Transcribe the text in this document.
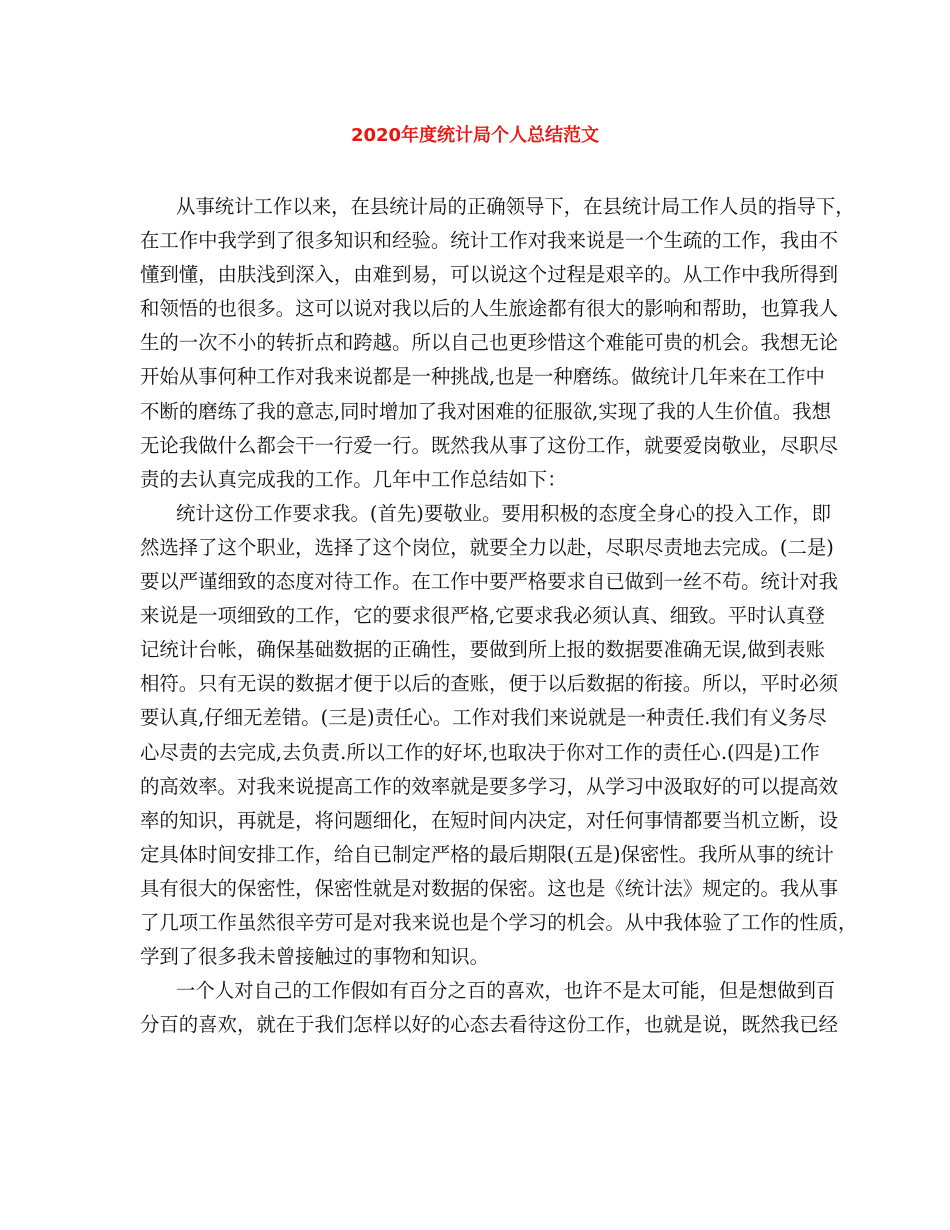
2020年度统计局个人总结范文
从事统计工作以来，在县统计局的正确领导下，在县统计局工作人员的指导下，
在工作中我学到了很多知识和经验。统计工作对我来说是一个生疏的工作，我由不
懂到懂，由肤浅到深入，由难到易，可以说这个过程是艰辛的。从工作中我所得到
和领悟的也很多。这可以说对我以后的人生旅途都有很大的影响和帮助，也算我人
生的一次不小的转折点和跨越。所以自己也更珍惜这个难能可贵的机会。我想无论
开始从事何种工作对我来说都是一种挑战,也是一种磨练。做统计几年来在工作中
不断的磨练了我的意志,同时增加了我对困难的征服欲,实现了我的人生价值。我想
无论我做什么都会干一行爱一行。既然我从事了这份工作，就要爱岗敬业，尽职尽
责的去认真完成我的工作。几年中工作总结如下：
统计这份工作要求我。(首先)要敬业。要用积极的态度全身心的投入工作，即
然选择了这个职业，选择了这个岗位，就要全力以赴，尽职尽责地去完成。(二是)
要以严谨细致的态度对待工作。在工作中要严格要求自已做到一丝不苟。统计对我
来说是一项细致的工作，它的要求很严格,它要求我必须认真、细致。平时认真登
记统计台帐，确保基础数据的正确性，要做到所上报的数据要准确无误,做到表账
相符。只有无误的数据才便于以后的查账，便于以后数据的衔接。所以，平时必须
要认真,仔细无差错。(三是)责任心。工作对我们来说就是一种责任.我们有义务尽
心尽责的去完成,去负责.所以工作的好坏,也取决于你对工作的责任心.(四是)工作
的高效率。对我来说提高工作的效率就是要多学习，从学习中汲取好的可以提高效
率的知识，再就是，将问题细化，在短时间内决定，对任何事情都要当机立断，设
定具体时间安排工作，给自已制定严格的最后期限(五是)保密性。我所从事的统计
具有很大的保密性，保密性就是对数据的保密。这也是《统计法》规定的。我从事
了几项工作虽然很辛劳可是对我来说也是个学习的机会。从中我体验了工作的性质，
学到了很多我未曾接触过的事物和知识。
一个人对自己的工作假如有百分之百的喜欢，也许不是太可能，但是想做到百
分百的喜欢，就在于我们怎样以好的心态去看待这份工作，也就是说，既然我已经
